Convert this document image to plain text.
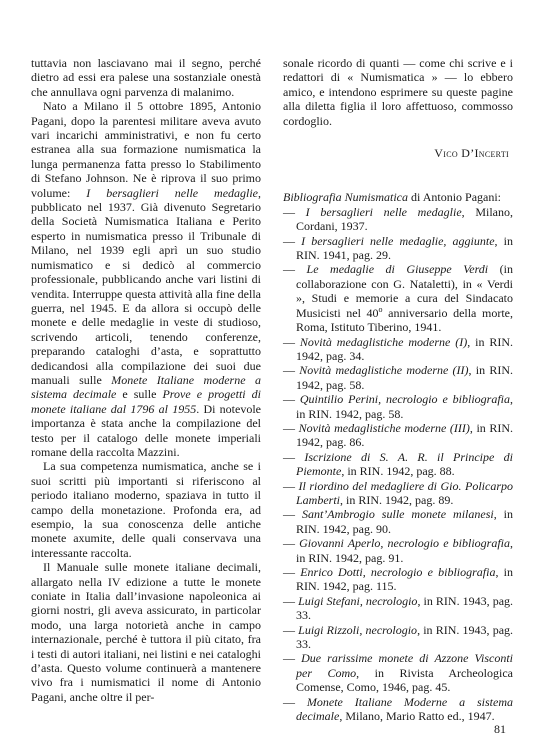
tuttavia non lasciavano mai il segno, perché dietro ad essi era palese una sostanziale onestà che annullava ogni parvenza di malanimo.

Nato a Milano il 5 ottobre 1895, Antonio Pagani, dopo la parentesi militare aveva avuto vari incarichi amministrativi, e non fu certo estranea alla sua formazione numismatica la lunga permanenza fatta presso lo Stabilimento di Stefano Johnson. Ne è riprova il suo primo volume: I bersaglieri nelle medaglie, pubblicato nel 1937. Già divenuto Segretario della Società Numismatica Italiana e Perito esperto in numismatica presso il Tribunale di Milano, nel 1939 egli aprì un suo studio numismatico e si dedicò al commercio professionale, pubblicando anche vari listini di vendita. Interruppe questa attività alla fine della guerra, nel 1945. E da allora si occupò delle monete e delle medaglie in veste di studioso, scrivendo articoli, tenendo conferenze, preparando cataloghi d’asta, e soprattutto dedicandosi alla compilazione dei suoi due manuali sulle Monete Italiane moderne a sistema decimale e sulle Prove e progetti di monete italiane dal 1796 al 1955. Di notevole importanza è stata anche la compilazione del testo per il catalogo delle monete imperiali romane della raccolta Mazzini.

La sua competenza numismatica, anche se i suoi scritti più importanti si riferiscono al periodo italiano moderno, spaziava in tutto il campo della monetazione. Profonda era, ad esempio, la sua conoscenza delle antiche monete axumite, delle quali conservava una interessante raccolta.

Il Manuale sulle monete italiane decimali, allargato nella IV edizione a tutte le monete coniate in Italia dall’invasione napoleonica ai giorni nostri, gli aveva assicurato, in particolar modo, una larga notorietà anche in campo internazionale, perché è tuttora il più citato, fra i testi di autori italiani, nei listini e nei cataloghi d’asta. Questo volume continuerà a mantenere vivo fra i numismatici il nome di Antonio Pagani, anche oltre il per-

sonale ricordo di quanti — come chi scrive e i redattori di « Numismatica » — lo ebbero amico, e intendono esprimere su queste pagine alla diletta figlia il loro affettuoso, commosso cordoglio.

Vico D’Incerti

Bibliografia Numismatica di Antonio Pagani:

— I bersaglieri nelle medaglie, Milano, Cordani, 1937.
— I bersaglieri nelle medaglie, aggiunte, in RIN. 1941, pag. 29.
— Le medaglie di Giuseppe Verdi (in collaborazione con G. Nataletti), in « Verdi », Studi e memorie a cura del Sindacato Musicisti nel 40$^o$ anniversario della morte, Roma, Istituto Tiberino, 1941.
— Novità medaglistiche moderne (I), in RIN. 1942, pag. 34.
— Novità medaglistiche moderne (II), in RIN. 1942, pag. 58.
— Quintilio Perini, necrologio e bibliografia, in RIN. 1942, pag. 58.
— Novità medaglistiche moderne (III), in RIN. 1942, pag. 86.
— Iscrizione di S. A. R. il Principe di Piemonte, in RIN. 1942, pag. 88.
— Il riordino del medagliere di Gio. Policarpo Lamberti, in RIN. 1942, pag. 89.
— Sant’Ambrogio sulle monete milanesi, in RIN. 1942, pag. 90.
— Giovanni Aperlo, necrologio e bibliografia, in RIN. 1942, pag. 91.
— Enrico Dotti, necrologio e bibliografia, in RIN. 1942, pag. 115.
— Luigi Stefani, necrologio, in RIN. 1943, pag. 33.
— Luigi Rizzoli, necrologio, in RIN. 1943, pag. 33.
— Due rarissime monete di Azzone Visconti per Como, in Rivista Archeologica Comense, Como, 1946, pag. 45.
— Monete Italiane Moderne a sistema decimale, Milano, Mario Ratto ed., 1947.
81
